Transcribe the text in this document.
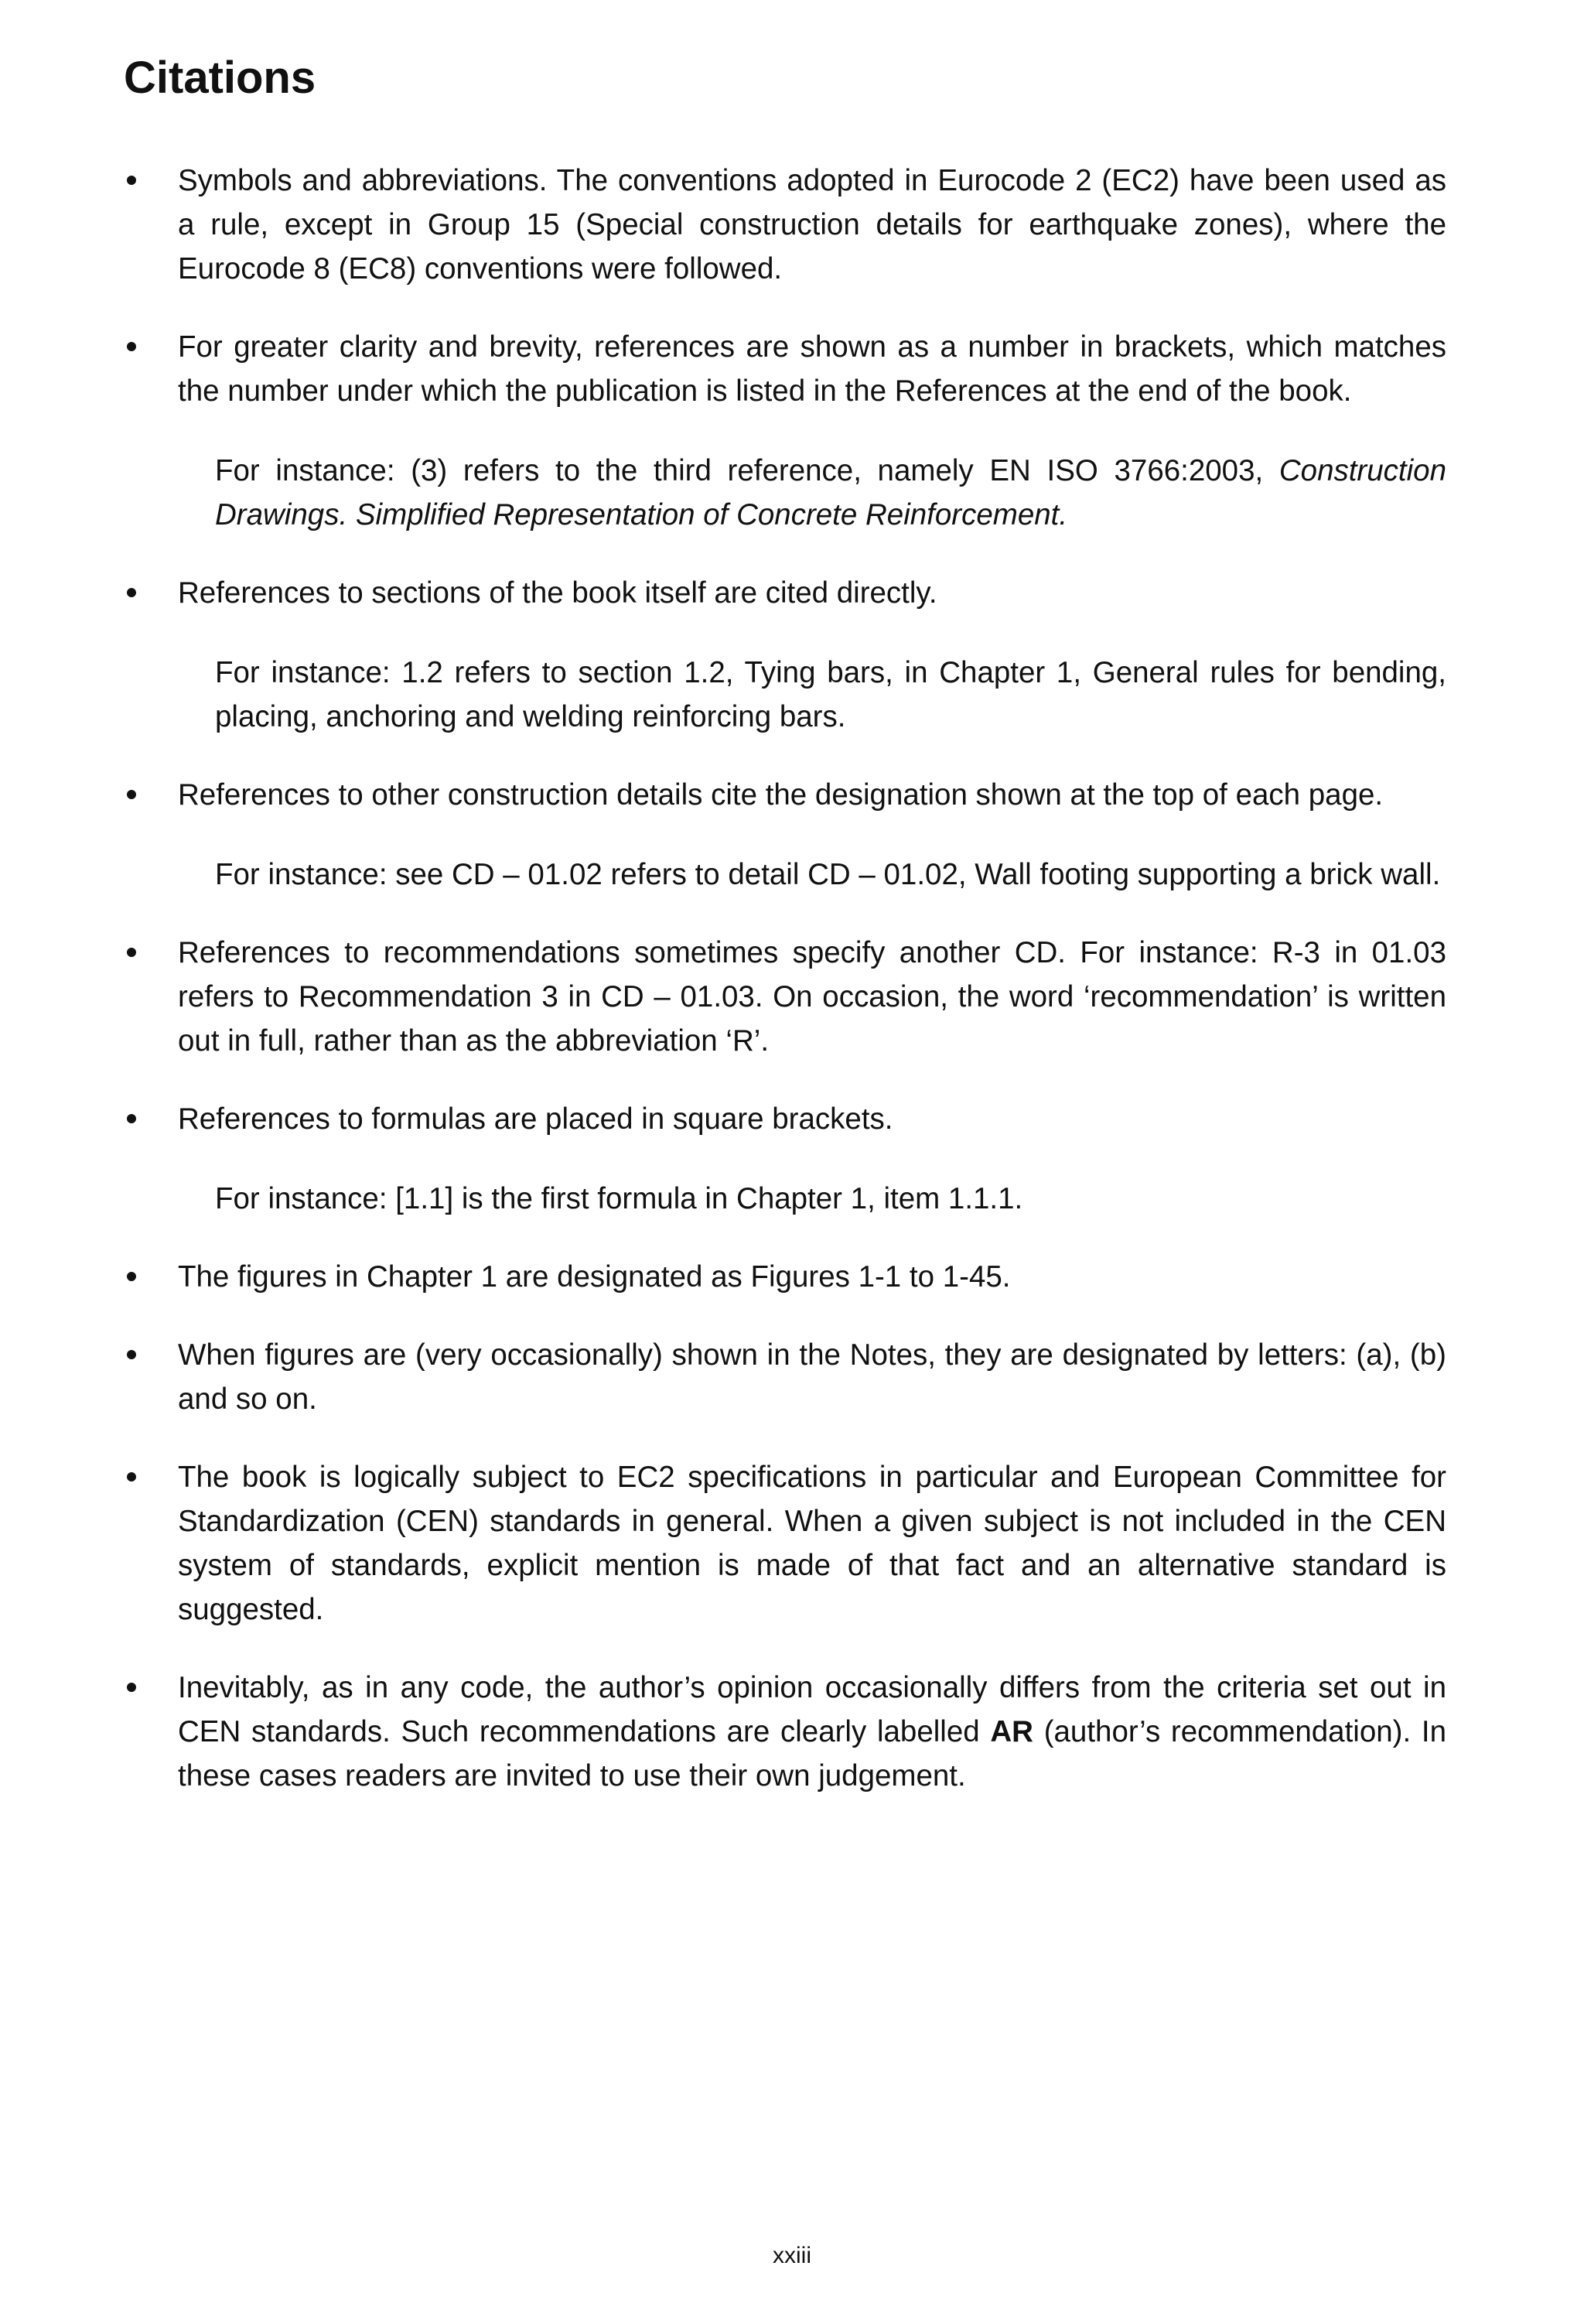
Citations

Symbols and abbreviations. The conventions adopted in Eurocode 2 (EC2) have been used as a rule, except in Group 15 (Special construction details for earthquake zones), where the Eurocode 8 (EC8) conventions were followed.

For greater clarity and brevity, references are shown as a number in brackets, which matches the number under which the publication is listed in the References at the end of the book.

For instance: (3) refers to the third reference, namely EN ISO 3766:2003, Construction Drawings. Simplified Representation of Concrete Reinforcement.

References to sections of the book itself are cited directly.

For instance: 1.2 refers to section 1.2, Tying bars, in Chapter 1, General rules for bending, placing, anchoring and welding reinforcing bars.

References to other construction details cite the designation shown at the top of each page.

For instance: see CD – 01.02 refers to detail CD – 01.02, Wall footing supporting a brick wall.

References to recommendations sometimes specify another CD. For instance: R-3 in 01.03 refers to Recommendation 3 in CD – 01.03. On occasion, the word ‘recommendation’ is written out in full, rather than as the abbreviation ‘R’.

References to formulas are placed in square brackets.

For instance: [1.1] is the first formula in Chapter 1, item 1.1.1.

The figures in Chapter 1 are designated as Figures 1-1 to 1-45.

When figures are (very occasionally) shown in the Notes, they are designated by letters: (a), (b) and so on.

The book is logically subject to EC2 specifications in particular and European Committee for Standardization (CEN) standards in general. When a given subject is not included in the CEN system of standards, explicit mention is made of that fact and an alternative standard is suggested.

Inevitably, as in any code, the author’s opinion occasionally differs from the criteria set out in CEN standards. Such recommendations are clearly labelled AR (author’s recommendation). In these cases readers are invited to use their own judgement.

xxiii
